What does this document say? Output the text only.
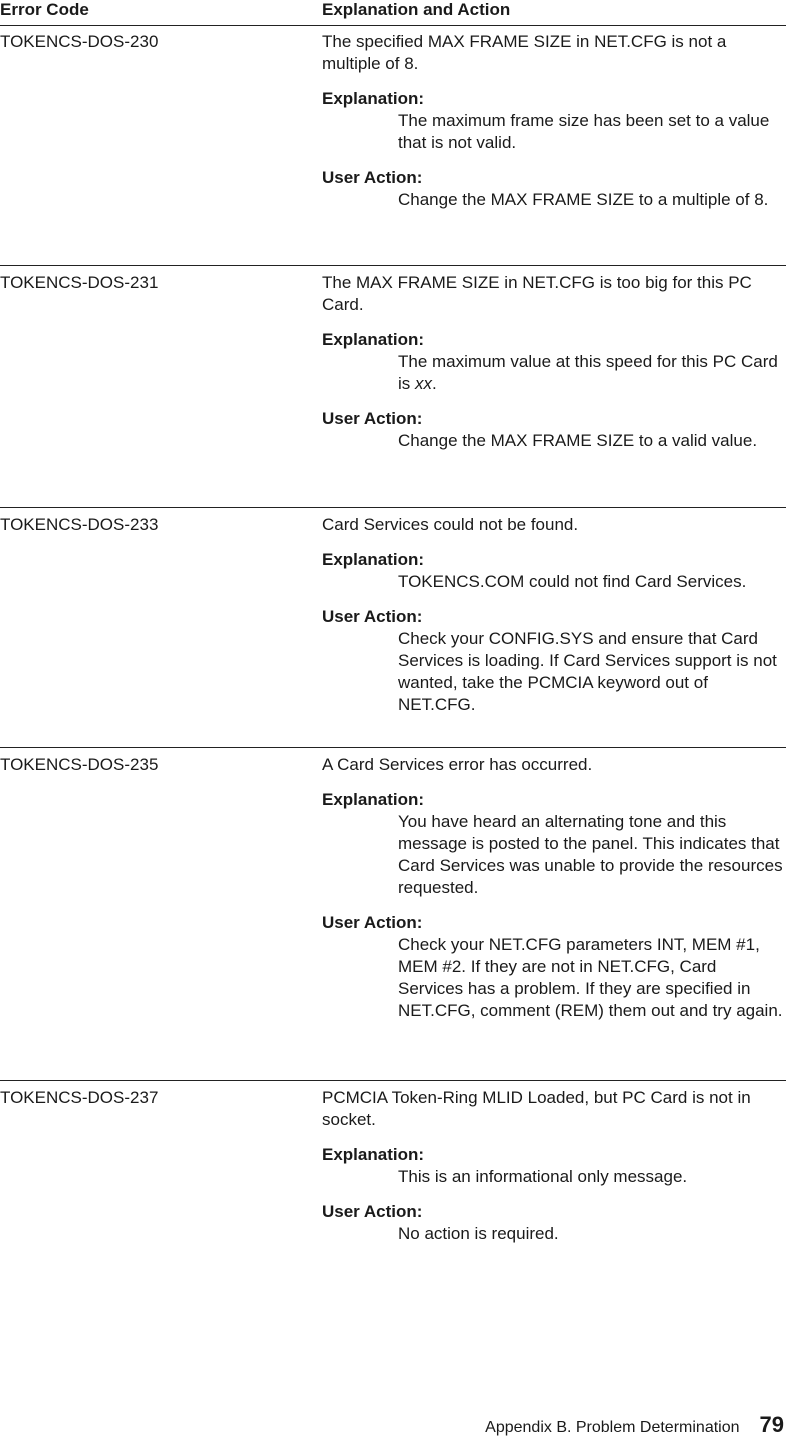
Error Code	Explanation and Action
TOKENCS-DOS-230	The specified MAX FRAME SIZE in NET.CFG is not a multiple of 8.

Explanation:

The maximum frame size has been set to a value that is not valid.

User Action:

Change the MAX FRAME SIZE to a multiple of 8.

TOKENCS-DOS-231	The MAX FRAME SIZE in NET.CFG is too big for this PC Card.

Explanation:

The maximum value at this speed for this PC Card is xx.

User Action:

Change the MAX FRAME SIZE to a valid value.

TOKENCS-DOS-233	Card Services could not be found.

Explanation:

TOKENCS.COM could not find Card Services.

User Action:

Check your CONFIG.SYS and ensure that Card Services is loading. If Card Services support is not wanted, take the PCMCIA keyword out of NET.CFG.

TOKENCS-DOS-235	A Card Services error has occurred.

Explanation:

You have heard an alternating tone and this message is posted to the panel. This indicates that Card Services was unable to provide the resources requested.

User Action:

Check your NET.CFG parameters INT, MEM #1, MEM #2. If they are not in NET.CFG, Card Services has a problem. If they are specified in NET.CFG, comment (REM) them out and try again.

TOKENCS-DOS-237	PCMCIA Token-Ring MLID Loaded, but PC Card is not in socket.

Explanation:

This is an informational only message.

User Action:

No action is required.

Appendix B. Problem Determination 79
